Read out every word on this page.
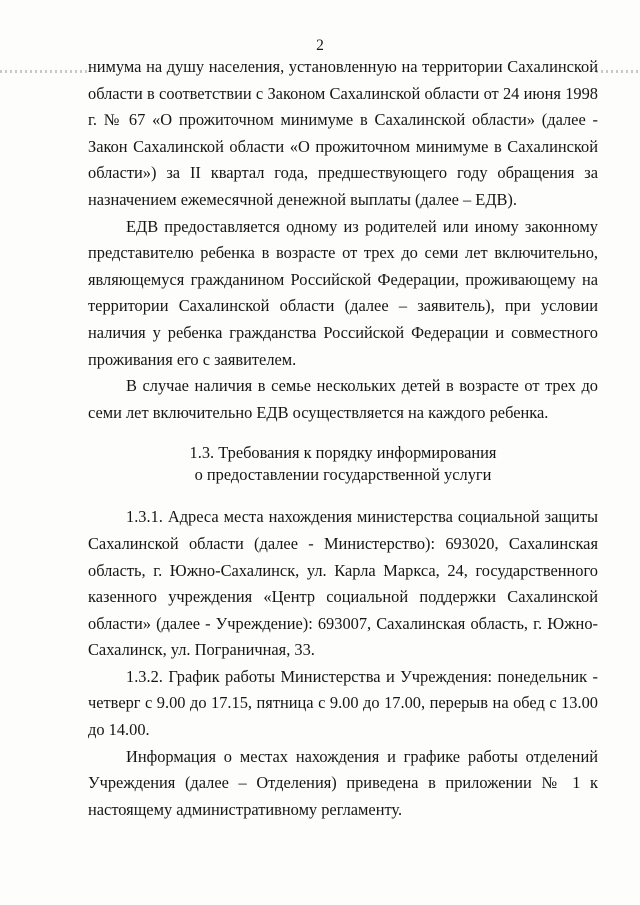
2

нимума на душу населения, установленную на территории Сахалинской области в соответствии с Законом Сахалинской области от 24 июня 1998 г. № 67 «О прожиточном минимуме в Сахалинской области» (далее - Закон Сахалинской области «О прожиточном минимуме в Сахалинской области») за II квартал года, предшествующего году обращения за назначением ежемесячной денежной выплаты (далее – ЕДВ).

ЕДВ предоставляется одному из родителей или иному законному представителю ребенка в возрасте от трех до семи лет включительно, являющемуся гражданином Российской Федерации, проживающему на территории Сахалинской области (далее – заявитель), при условии наличия у ребенка гражданства Российской Федерации и совместного проживания его с заявителем.

В случае наличия в семье нескольких детей в возрасте от трех до семи лет включительно ЕДВ осуществляется на каждого ребенка.

1.3. Требования к порядку информирования
о предоставлении государственной услуги

1.3.1. Адреса места нахождения министерства социальной защиты Сахалинской области (далее - Министерство): 693020, Сахалинская область, г. Южно-Сахалинск, ул. Карла Маркса, 24, государственного казенного учреждения «Центр социальной поддержки Сахалинской области» (далее - Учреждение): 693007, Сахалинская область, г. Южно-Сахалинск, ул. Пограничная, 33.

1.3.2. График работы Министерства и Учреждения: понедельник - четверг с 9.00 до 17.15, пятница с 9.00 до 17.00, перерыв на обед с 13.00 до 14.00.

Информация о местах нахождения и графике работы отделений Учреждения (далее – Отделения) приведена в приложении № 1 к настоящему административному регламенту.
